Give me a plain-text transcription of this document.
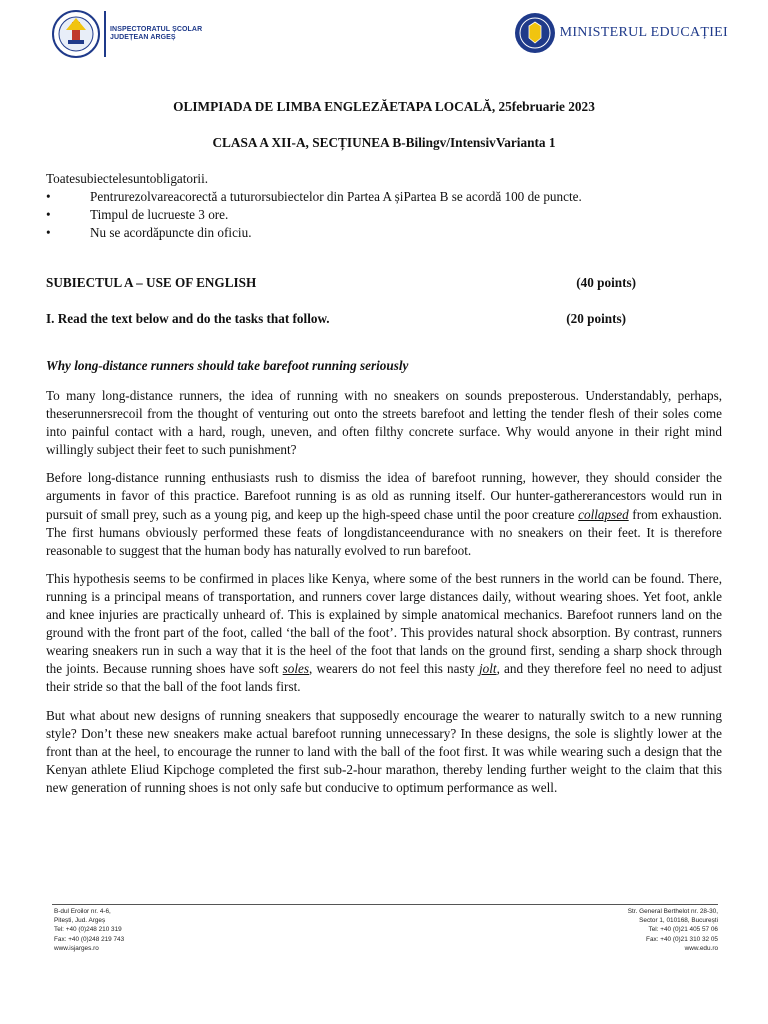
INSPECTORATUL ȘCOLAR
JUDEȚEAN ARGEȘ	MINISTERUL EDUCAȚIEI

OLIMPIADA DE LIMBA ENGLEZĂETAPA LOCALĂ, 25februarie 2023

CLASA A XII-A, SECȚIUNEA B-Bilingv/IntensivVarianta 1

Toatesubiectelesuntobligatorii.
•	Pentrurezolvareacorectă a tuturorsubiectelor din Partea A șiPartea B se acordă 100 de puncte.
•	Timpul de lucrueste 3 ore.
•	Nu se acordăpuncte din oficiu.
SUBIECTUL A – USE OF ENGLISH	(40 points)
I. Read the text below and do the tasks that follow.	(20 points)
Why long-distance runners should take barefoot running seriously

To many long-distance runners, the idea of running with no sneakers on sounds preposterous. Understandably, perhaps, theserunnersrecoil from the thought of venturing out onto the streets barefoot and letting the tender flesh of their soles come into painful contact with a hard, rough, uneven, and often filthy concrete surface. Why would anyone in their right mind willingly subject their feet to such punishment?

Before long-distance running enthusiasts rush to dismiss the idea of barefoot running, however, they should consider the arguments in favor of this practice. Barefoot running is as old as running itself. Our hunter-gathererancestors would run in pursuit of small prey, such as a young pig, and keep up the high-speed chase until the poor creature collapsed from exhaustion. The first humans obviously performed these feats of longdistanceendurance with no sneakers on their feet. It is therefore reasonable to suggest that the human body has naturally evolved to run barefoot.

This hypothesis seems to be confirmed in places like Kenya, where some of the best runners in the world can be found. There, running is a principal means of transportation, and runners cover large distances daily, without wearing shoes. Yet foot, ankle and knee injuries are practically unheard of. This is explained by simple anatomical mechanics. Barefoot runners land on the ground with the front part of the foot, called ‘the ball of the foot’. This provides natural shock absorption. By contrast, runners wearing sneakers run in such a way that it is the heel of the foot that lands on the ground first, sending a sharp shock through the joints. Because running shoes have soft soles, wearers do not feel this nasty jolt, and they therefore feel no need to adjust their stride so that the ball of the foot lands first.

But what about new designs of running sneakers that supposedly encourage the wearer to naturally switch to a new running style? Don’t these new sneakers make actual barefoot running unnecessary? In these designs, the sole is slightly lower at the front than at the heel, to encourage the runner to land with the ball of the foot first. It was while wearing such a design that the Kenyan athlete Eliud Kipchoge completed the first sub-2-hour marathon, thereby lending further weight to the claim that this new generation of running shoes is not only safe but conducive to optimum performance as well.

B-dul Eroilor nr. 4-6,
Pitești, Jud. Argeș
Tel: +40 (0)248 210 319
Fax: +40 (0)248 219 743
www.isjarges.ro
Str. General Berthelot nr. 28-30,
Sector 1, 010168, București
Tel: +40 (0)21 405 57 06
Fax: +40 (0)21 310 32 05
www.edu.ro
